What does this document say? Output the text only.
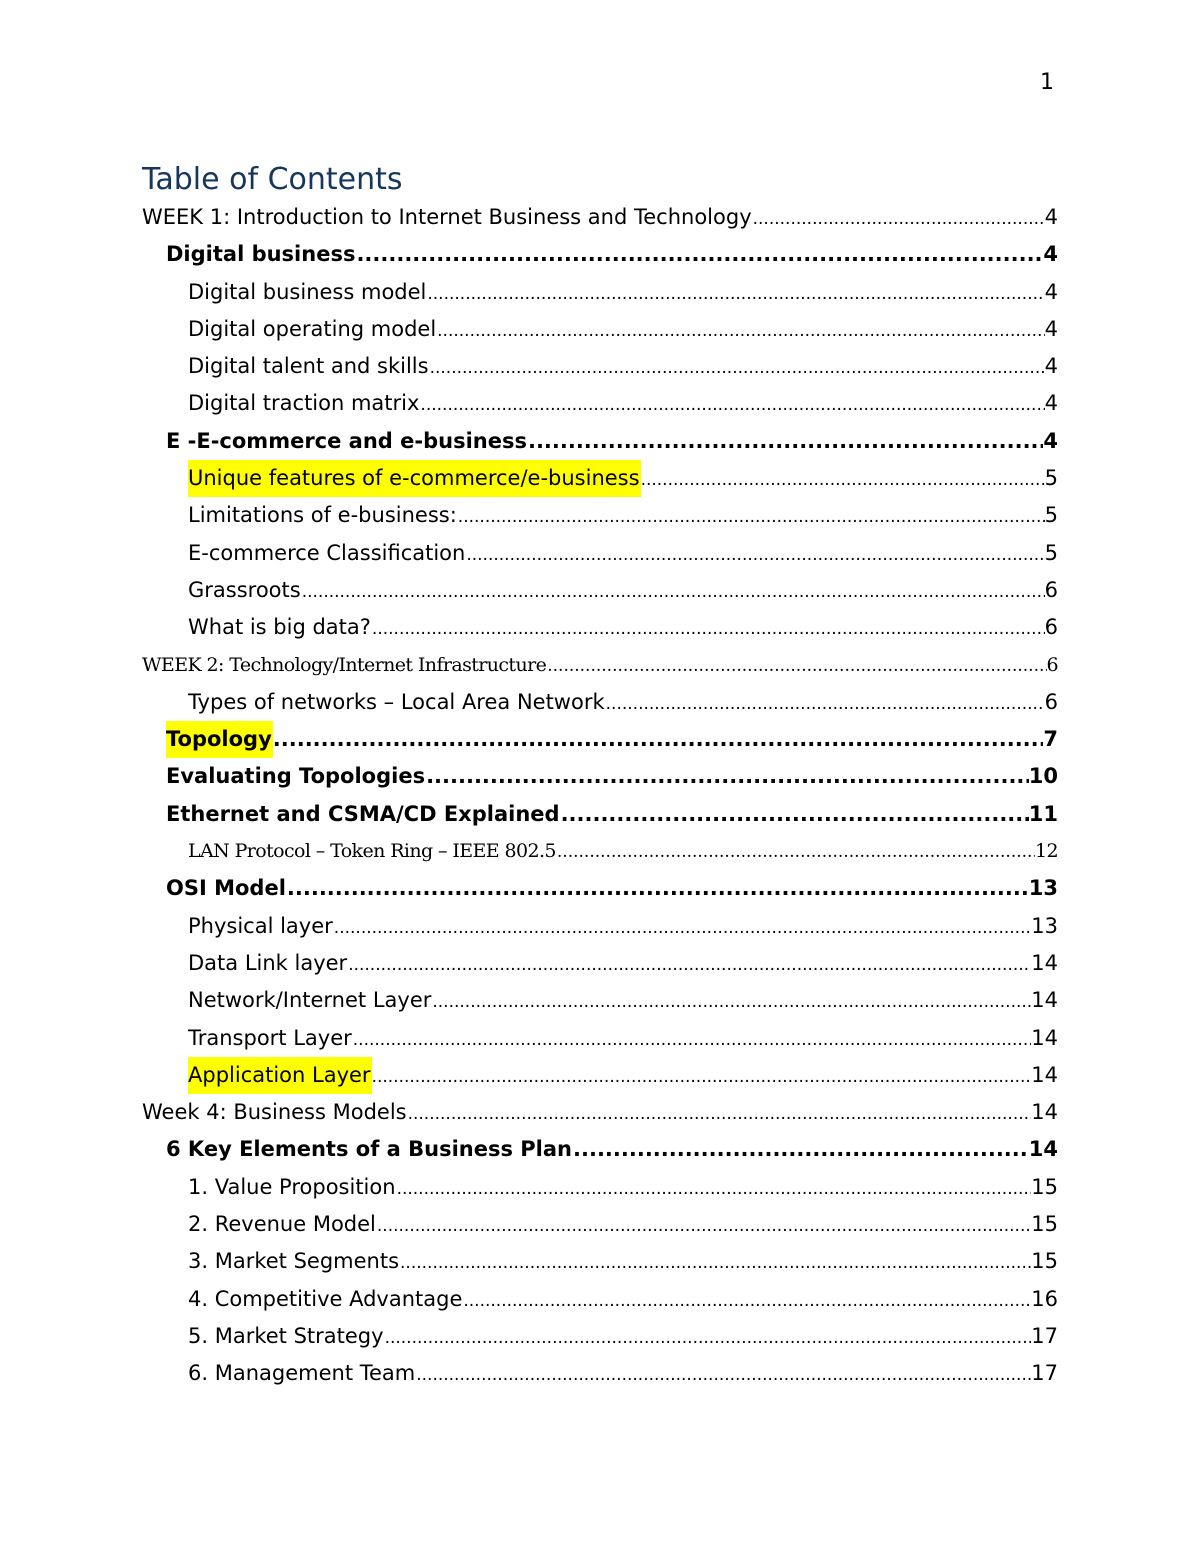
1
Table of Contents
WEEK 1: Introduction to Internet Business and Technology .....	4
Digital business .....	4
Digital business model .....	4
Digital operating model .....	4
Digital talent and skills .....	4
Digital traction matrix .....	4
E -E-commerce and e-business .....	4
Unique features of e-commerce/e-business .....	5
Limitations of e-business: .....	5
E-commerce Classification .....	5
Grassroots .....	6
What is big data? .....	6
WEEK 2: Technology/Internet Infrastructure .....	6
Types of networks – Local Area Network .....	6
Topology .....	7
Evaluating Topologies .....	10
Ethernet and CSMA/CD Explained .....	11
LAN Protocol – Token Ring – IEEE 802.5 .....	12
OSI Model .....	13
Physical layer .....	13
Data Link layer .....	14
Network/Internet Layer .....	14
Transport Layer .....	14
Application Layer .....	14
Week 4: Business Models .....	14
6 Key Elements of a Business Plan .....	14
1. Value Proposition .....	15
2. Revenue Model .....	15
3. Market Segments .....	15
4. Competitive Advantage .....	16
5. Market Strategy .....	17
6. Management Team .....	17
